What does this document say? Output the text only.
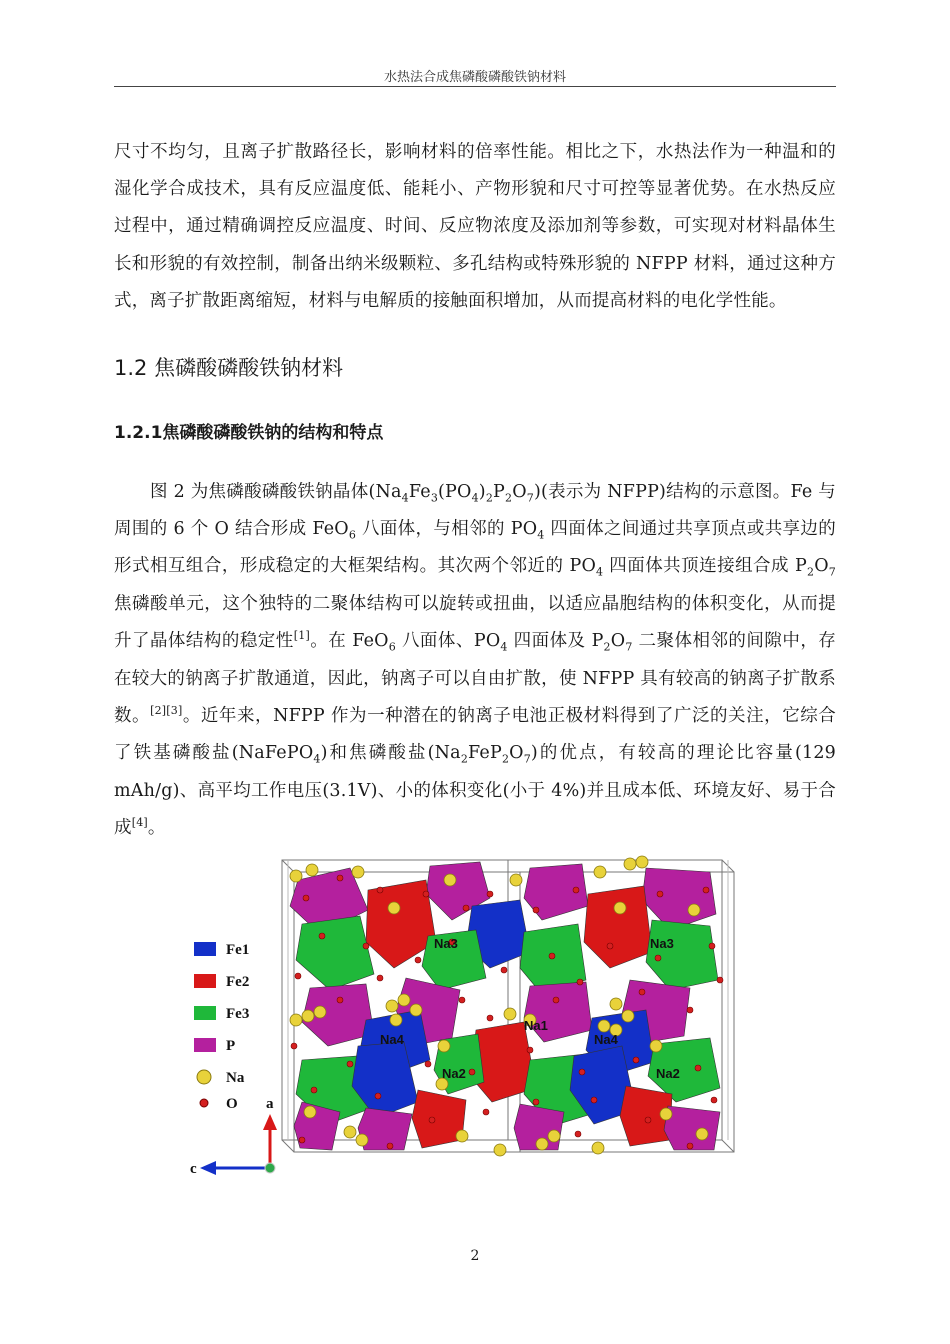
水热法合成焦磷酸磷酸铁钠材料

尺寸不均匀，且离子扩散路径长，影响材料的倍率性能。相比之下，水热法作为一种温和的湿化学合成技术，具有反应温度低、能耗小、产物形貌和尺寸可控等显著优势。在水热反应过程中，通过精确调控反应温度、时间、反应物浓度及添加剂等参数，可实现对材料晶体生长和形貌的有效控制，制备出纳米级颗粒、多孔结构或特殊形貌的 NFPP 材料，通过这种方式，离子扩散距离缩短，材料与电解质的接触面积增加，从而提高材料的电化学性能。

1.2 焦磷酸磷酸铁钠材料
1.2.1焦磷酸磷酸铁钠的结构和特点

图 2 为焦磷酸磷酸铁钠晶体$(Na_4Fe_3(PO_4)_2P_2O_7)$(表示为 NFPP)结构的示意图。Fe 与周围的 6 个 O 结合形成 FeO$_6$ 八面体，与相邻的 $PO_4$ 四面体之间通过共享顶点或共享边的形式相互组合，形成稳定的大框架结构。其次两个邻近的 $PO_4$ 四面体共顶连接组合成 $P_2O_7$ 焦磷酸单元，这个独特的二聚体结构可以旋转或扭曲，以适应晶胞结构的体积变化，从而提升了晶体结构的稳定性[1]。在 FeO$_6$ 八面体、$PO_4$ 四面体及 $P_2O_7$ 二聚体相邻的间隙中，存在较大的钠离子扩散通道，因此，钠离子可以自由扩散，使 NFPP 具有较高的钠离子扩散系数。[2][3]。近年来，NFPP 作为一种潜在的钠离子电池正极材料得到了广泛的关注，它综合了铁基磷酸盐(NaFePO$_4$)和焦磷酸盐$(Na_2FeP_2O_7)$的优点，有较高的理论比容量(129 mAh/g)、高平均工作电压(3.1V)、小的体积变化(小于 4%)并且成本低、环境友好、易于合成[4]。

Fe1
Fe2
Fe3
P
Na
O
Na3	Na3
Na1
Na4	Na4
Na2	Na2
a
c
2
